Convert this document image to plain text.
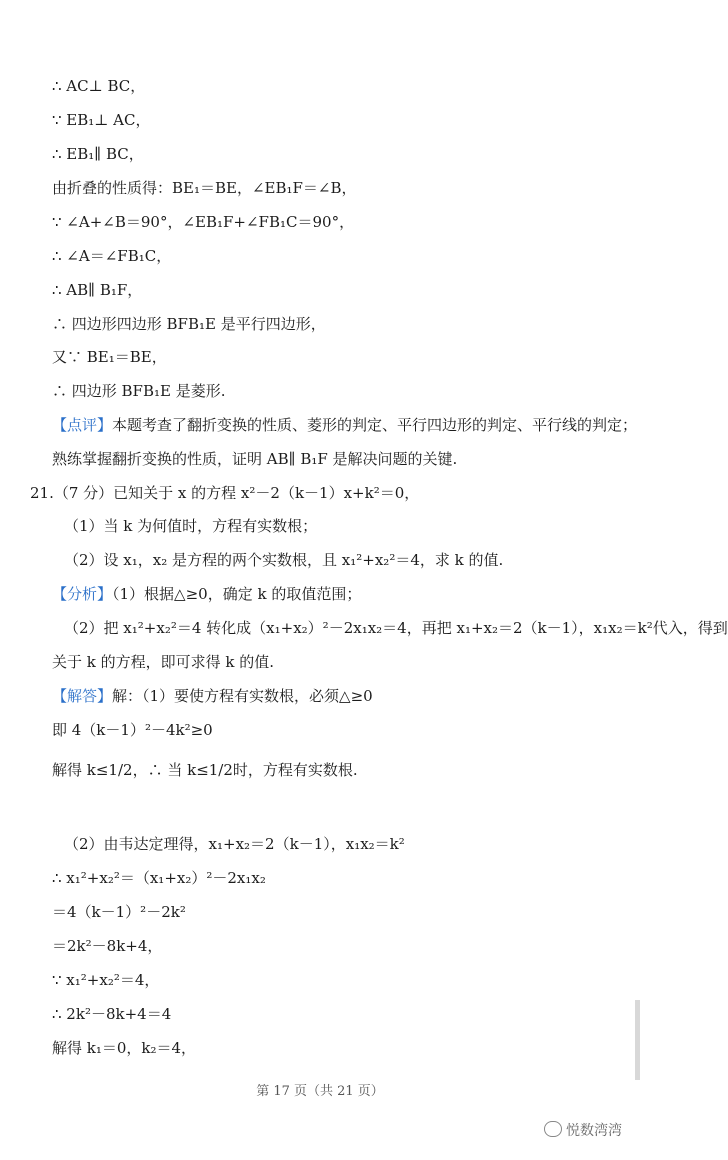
∴ AC⊥ BC，
∵ EB₁⊥ AC，
∴ EB₁∥ BC，
由折叠的性质得：BE₁＝BE，∠EB₁F＝∠B，
∵ ∠A+∠B＝90°，∠EB₁F+∠FB₁C＝90°，
∴ ∠A＝∠FB₁C，
∴ AB∥ B₁F，
∴ 四边形四边形 BFB₁E 是平行四边形，
又∵ BE₁＝BE，
∴ 四边形 BFB₁E 是菱形.
【点评】本题考查了翻折变换的性质、菱形的判定、平行四边形的判定、平行线的判定；
熟练掌握翻折变换的性质，证明 AB∥ B₁F 是解决问题的关键.
21.（7 分）已知关于 x 的方程 x²－2（k－1）x+k²＝0，
（1）当 k 为何值时，方程有实数根；
（2）设 x₁，x₂ 是方程的两个实数根，且 x₁²+x₂²＝4，求 k 的值.
【分析】（1）根据△≥0，确定 k 的取值范围；
（2）把 x₁²+x₂²＝4 转化成（x₁+x₂）²－2x₁x₂＝4，再把 x₁+x₂＝2（k－1），x₁x₂＝k²代入，得到
关于 k 的方程，即可求得 k 的值.
【解答】解：（1）要使方程有实数根，必须△≥0
即 4（k－1）²－4k²≥0
解得 k≤1/2，∴ 当 k≤1/2时，方程有实数根.
（2）由韦达定理得，x₁+x₂＝2（k－1），x₁x₂＝k²
∴ x₁²+x₂²＝（x₁+x₂）²－2x₁x₂
＝4（k－1）²－2k²
＝2k²－8k+4，
∵ x₁²+x₂²＝4，
∴ 2k²－8k+4＝4
解得 k₁＝0，k₂＝4，
第 17 页（共 21 页）
悦数湾湾
